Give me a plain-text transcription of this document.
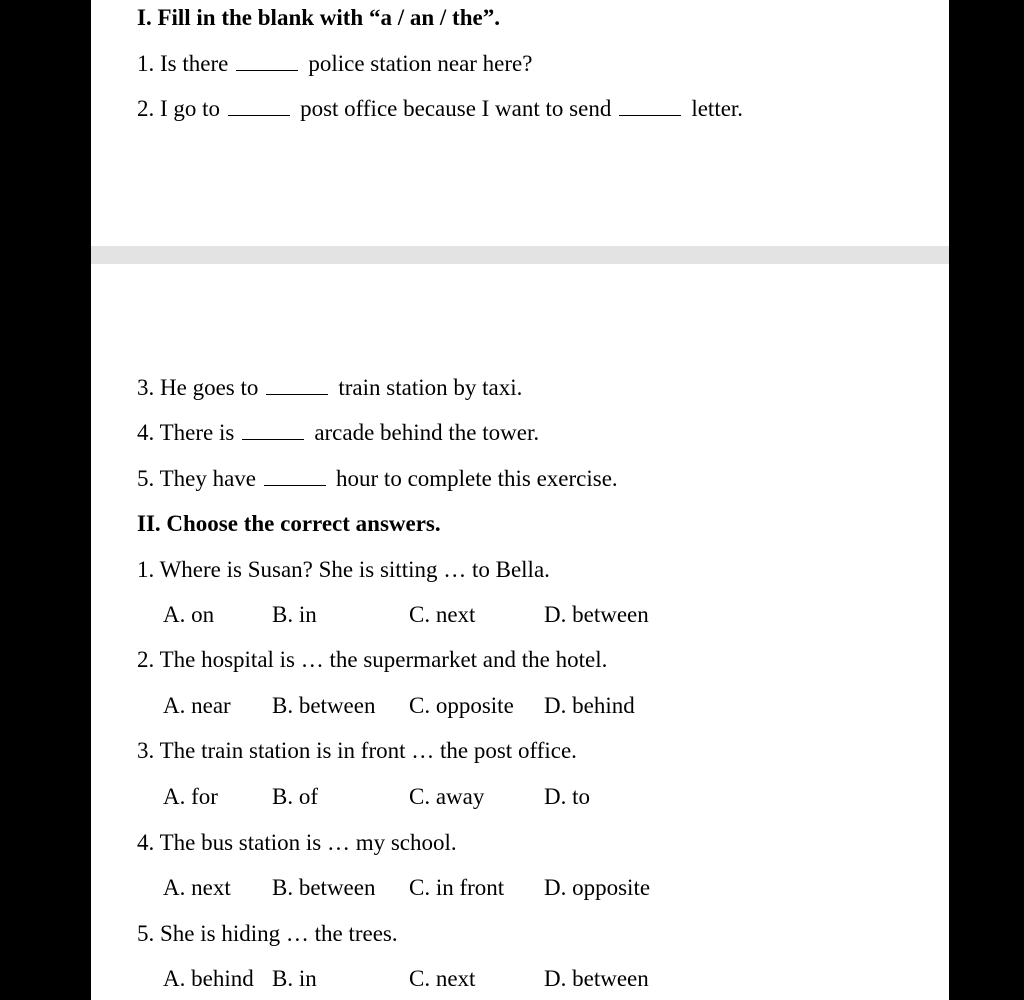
I. Fill in the blank with “a / an / the”.
1. Is there	police station near here?
2. I go to	post office because I want to send	letter.
3. He goes to	train station by taxi.
4. There is	arcade behind the tower.
5. They have	hour to complete this exercise.
II. Choose the correct answers.
1. Where is Susan? She is sitting … to Bella.
A. on	B. in	C. next	D. between
2. The hospital is … the supermarket and the hotel.
A. near B. between C. opposite D. behind
3. The train station is in front … the post office.
A. for B. of	C. away	D. to
4. The bus station is … my school.
A. next B. between C. in front D. opposite
5. She is hiding … the trees.
A. behind B. in	C. next	D. between
